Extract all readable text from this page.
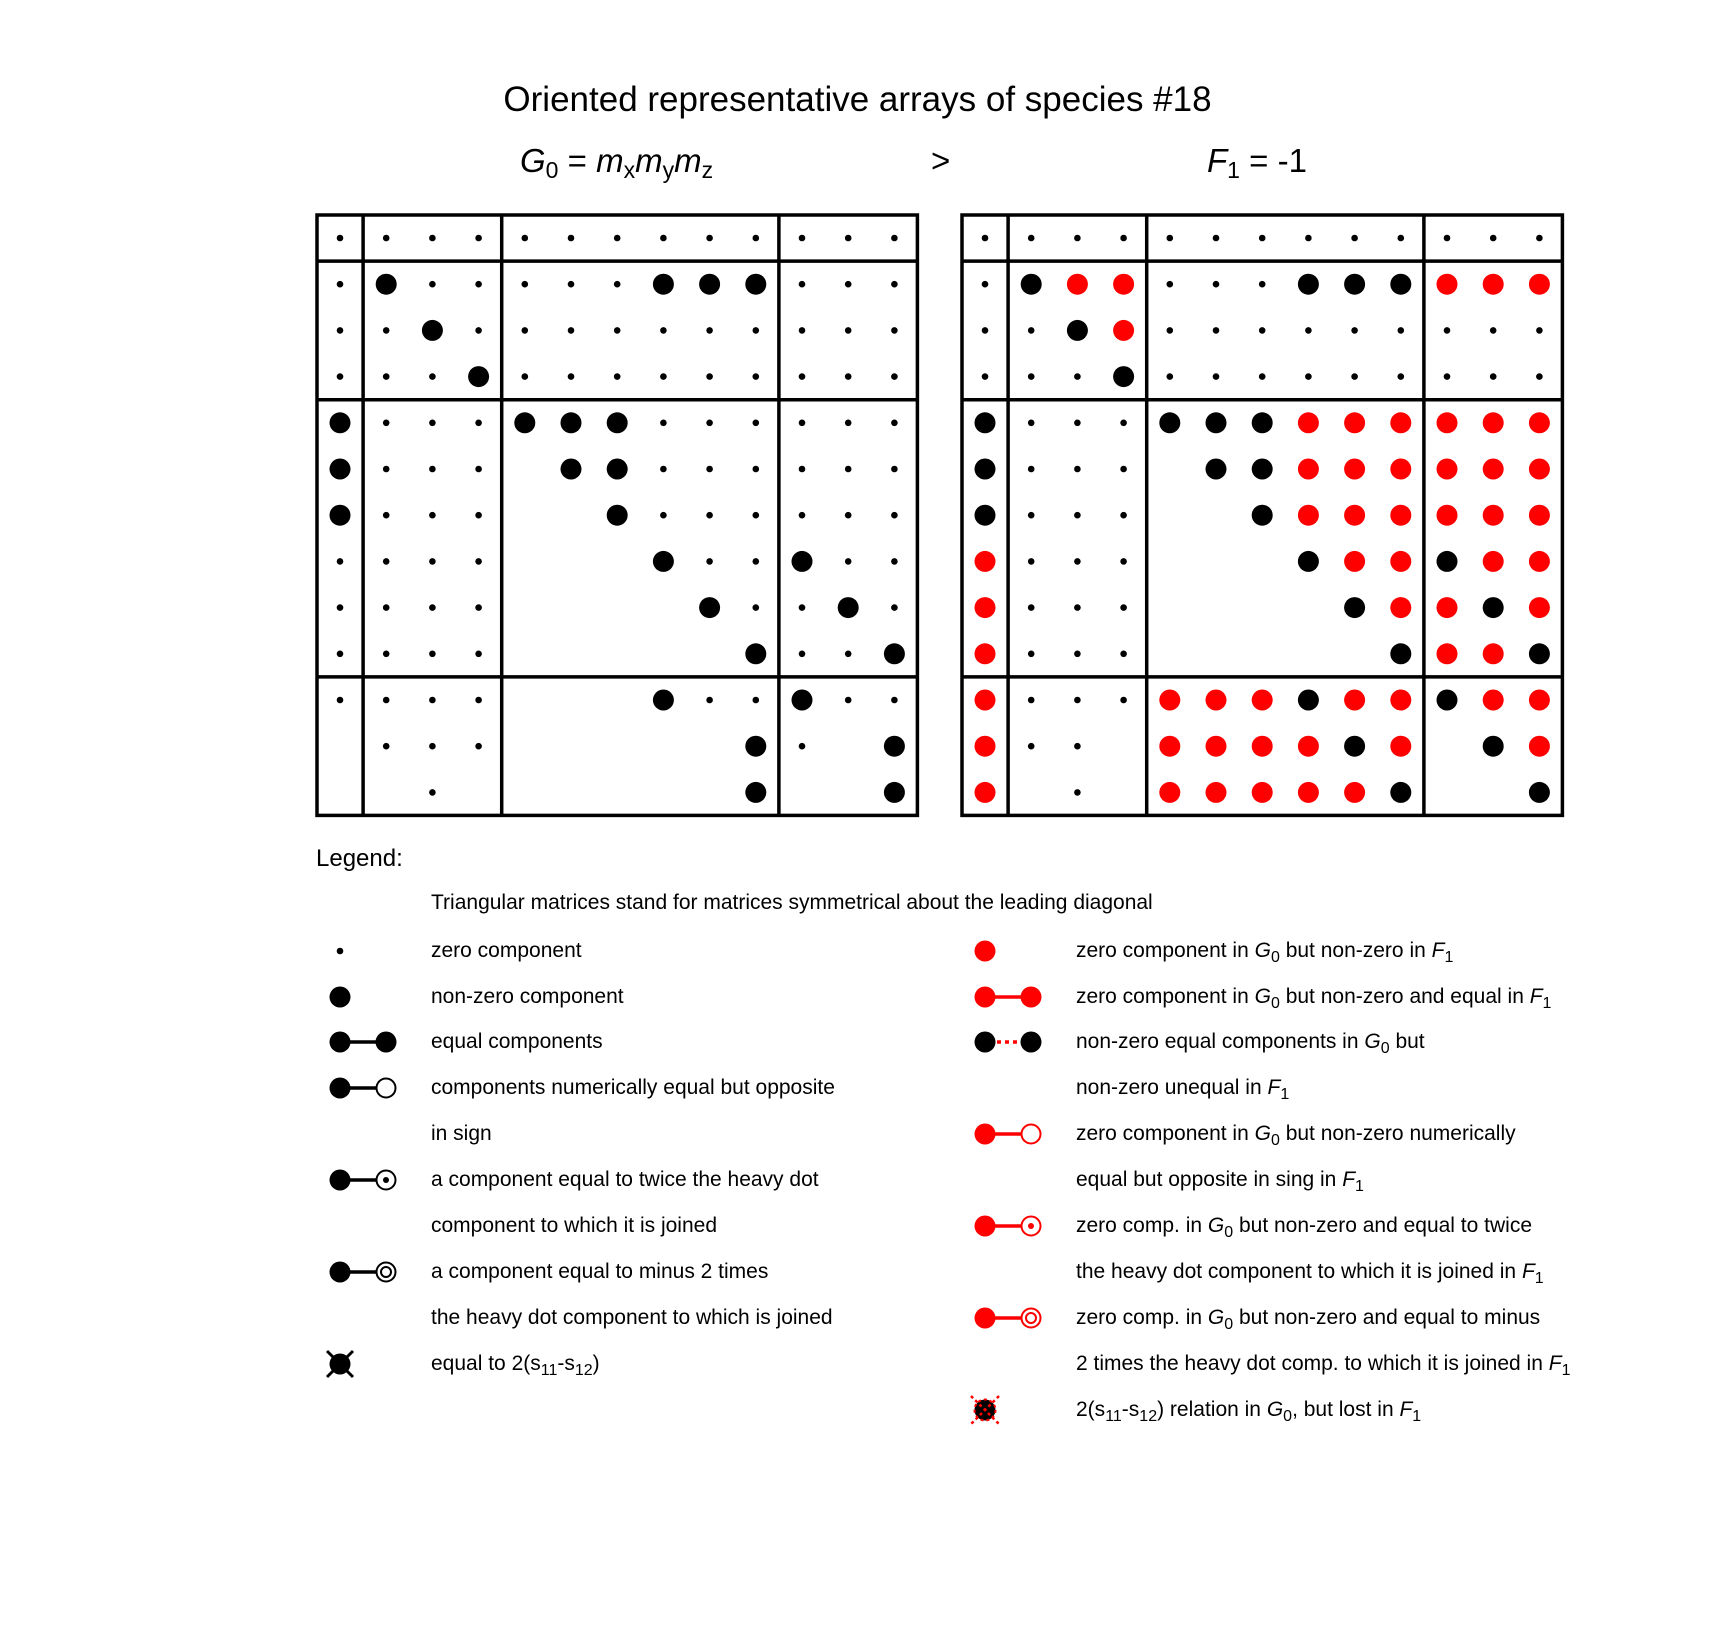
Oriented representative arrays of species #18
$G_0 = m_xm_ym_z$	>	$F_1 = -1$
Legend:
Triangular matrices stand for matrices symmetrical about the leading diagonal
zero component
non-zero component
equal components
components numerically equal but opposite
in sign
a component equal to twice the heavy dot
component to which it is joined
a component equal to minus 2 times
the heavy dot component to which is joined
equal to $2(s_{11}-s_{12})$
zero component in $G_0$ but non-zero in $F_1$
zero component in $G_0$ but non-zero and equal in $F_1$
non-zero equal components in $G_0$ but
non-zero unequal in $F_1$
zero component in $G_0$ but non-zero numerically
equal but opposite in sing in $F_1$
zero comp. in $G_0$ but non-zero and equal to twice
the heavy dot component to which it is joined in $F_1$
zero comp. in $G_0$ but non-zero and equal to minus
2 times the heavy dot comp. to which it is joined in $F_1$
$2(s_{11}-s_{12})$ relation in $G_0$, but lost in $F_1$
